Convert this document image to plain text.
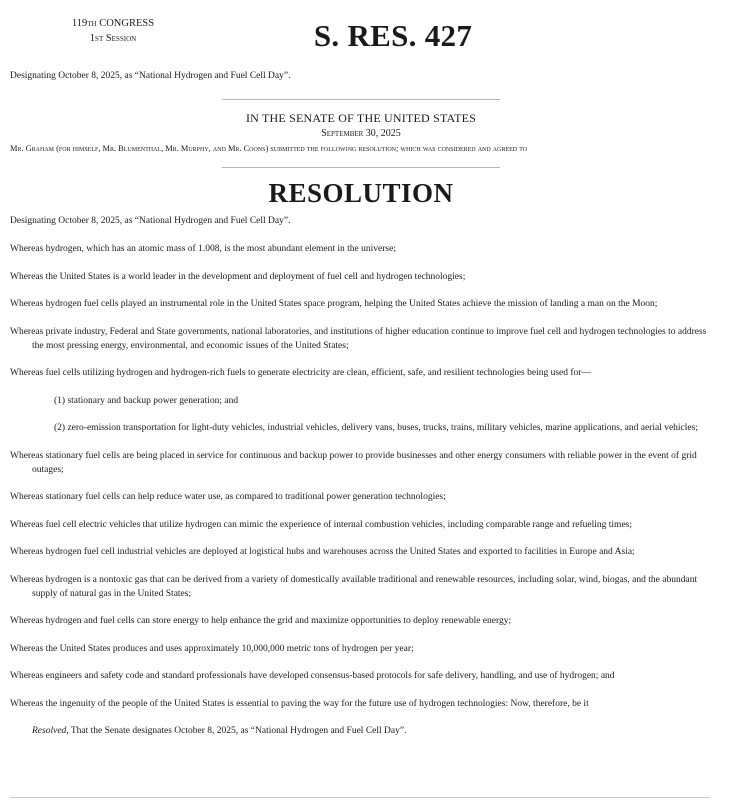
119th CONGRESS
1st Session	S. RES. 427
Designating October 8, 2025, as “National Hydrogen and Fuel Cell Day”.
IN THE SENATE OF THE UNITED STATES
September 30, 2025
Mr. Graham (for himself, Mr. Blumenthal, Mr. Murphy, and Mr. Coons) submitted the following resolution; which was considered and agreed to
RESOLUTION
Designating October 8, 2025, as “National Hydrogen and Fuel Cell Day”.

Whereas hydrogen, which has an atomic mass of 1.008, is the most abundant element in the universe;

Whereas the United States is a world leader in the development and deployment of fuel cell and hydrogen technologies;

Whereas hydrogen fuel cells played an instrumental role in the United States space program, helping the United States achieve the mission of landing a man on the Moon;

Whereas private industry, Federal and State governments, national laboratories, and institutions of higher education continue to improve fuel cell and hydrogen technologies to address the most pressing energy, environmental, and economic issues of the United States;

Whereas fuel cells utilizing hydrogen and hydrogen-rich fuels to generate electricity are clean, efficient, safe, and resilient technologies being used for—

(1) stationary and backup power generation; and

(2) zero-emission transportation for light-duty vehicles, industrial vehicles, delivery vans, buses, trucks, trains, military vehicles, marine applications, and aerial vehicles;

Whereas stationary fuel cells are being placed in service for continuous and backup power to provide businesses and other energy consumers with reliable power in the event of grid outages;

Whereas stationary fuel cells can help reduce water use, as compared to traditional power generation technologies;

Whereas fuel cell electric vehicles that utilize hydrogen can mimic the experience of internal combustion vehicles, including comparable range and refueling times;

Whereas hydrogen fuel cell industrial vehicles are deployed at logistical hubs and warehouses across the United States and exported to facilities in Europe and Asia;

Whereas hydrogen is a nontoxic gas that can be derived from a variety of domestically available traditional and renewable resources, including solar, wind, biogas, and the abundant supply of natural gas in the United States;

Whereas hydrogen and fuel cells can store energy to help enhance the grid and maximize opportunities to deploy renewable energy;

Whereas the United States produces and uses approximately 10,000,000 metric tons of hydrogen per year;

Whereas engineers and safety code and standard professionals have developed consensus-based protocols for safe delivery, handling, and use of hydrogen; and

Whereas the ingenuity of the people of the United States is essential to paving the way for the future use of hydrogen technologies: Now, therefore, be it

Resolved, That the Senate designates October 8, 2025, as “National Hydrogen and Fuel Cell Day”.
